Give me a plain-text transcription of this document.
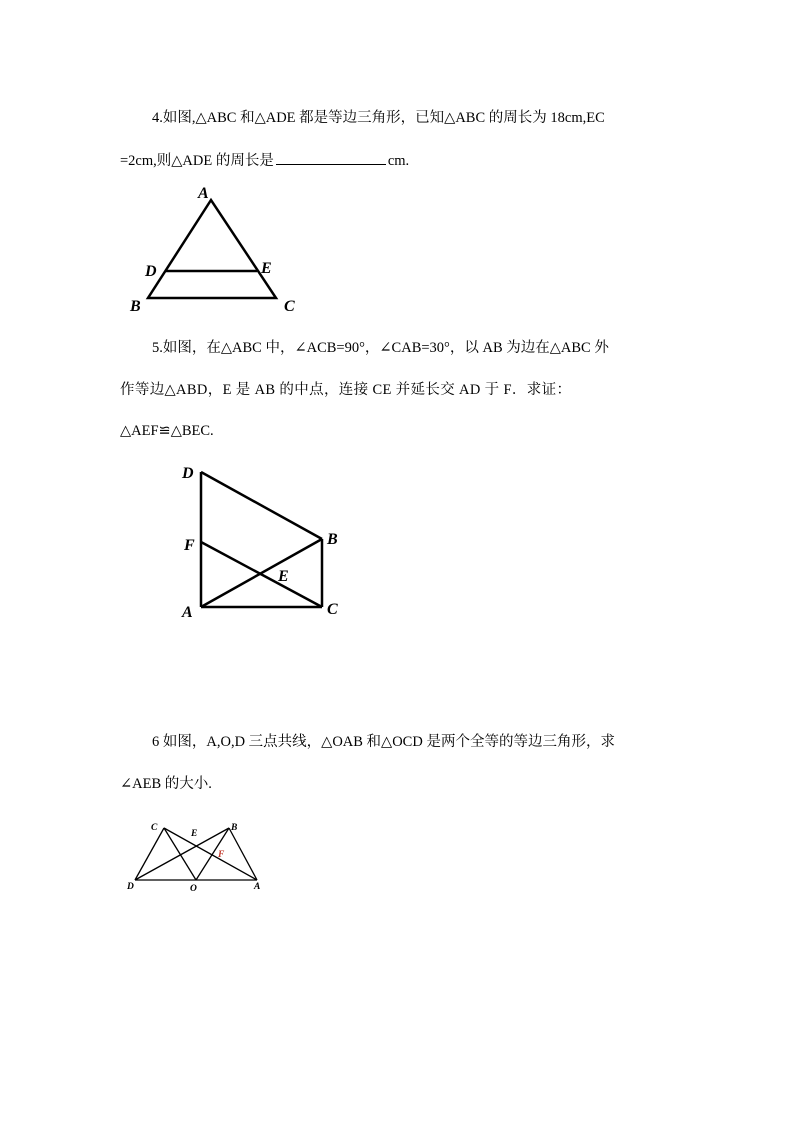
4.如图,△ABC 和△ADE 都是等边三角形，已知△ABC 的周长为 18cm,EC
=2cm,则△ADE 的周长是	cm.
A
D	E
B	C
5.如图，在△ABC 中，∠ACB=90°，∠CAB=30°，以 AB 为边在△ABC 外
作等边△ABD，E 是 AB 的中点，连接 CE 并延长交 AD 于 F．求证：
△AEF≌△BEC.
D
F	B
E
A	C
6 如图，A,O,D 三点共线，△OAB 和△OCD 是两个全等的等边三角形，求
∠AEB 的大小.
C
E
B
F
D	O	A
